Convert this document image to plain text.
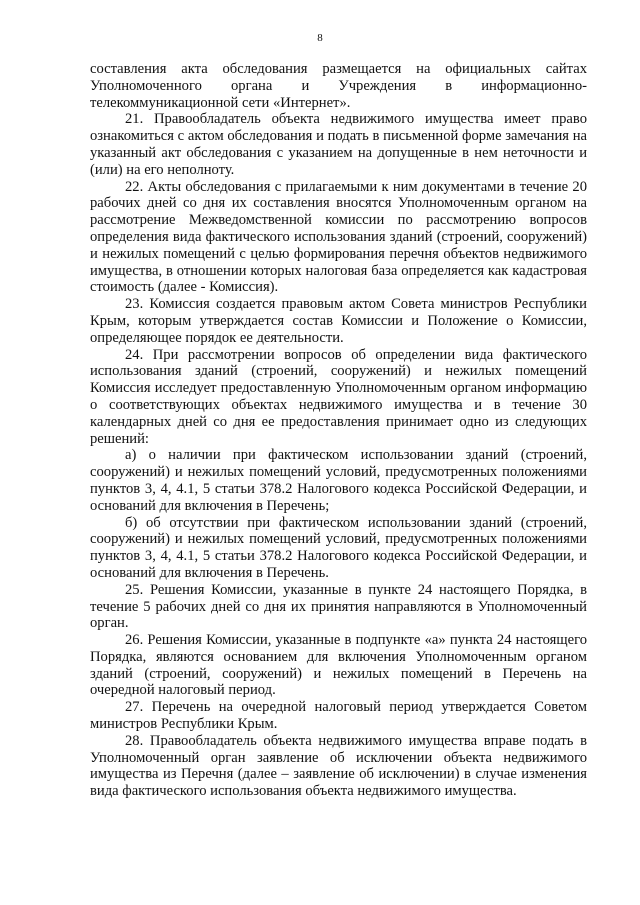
8

составления акта обследования размещается на официальных сайтах Уполномоченного органа и Учреждения в информационно-телекоммуникационной сети «Интернет».

21. Правообладатель объекта недвижимого имущества имеет право ознакомиться с актом обследования и подать в письменной форме замечания на указанный акт обследования с указанием на допущенные в нем неточности и (или) на его неполноту.

22. Акты обследования с прилагаемыми к ним документами в течение 20 рабочих дней со дня их составления вносятся Уполномоченным органом на рассмотрение Межведомственной комиссии по рассмотрению вопросов определения вида фактического использования зданий (строений, сооружений) и нежилых помещений с целью формирования перечня объектов недвижимого имущества, в отношении которых налоговая база определяется как кадастровая стоимость (далее - Комиссия).

23. Комиссия создается правовым актом Совета министров Республики Крым, которым утверждается состав Комиссии и Положение о Комиссии, определяющее порядок ее деятельности.

24. При рассмотрении вопросов об определении вида фактического использования зданий (строений, сооружений) и нежилых помещений Комиссия исследует предоставленную Уполномоченным органом информацию о соответствующих объектах недвижимого имущества и в течение 30 календарных дней со дня ее предоставления принимает одно из следующих решений:

а) о наличии при фактическом использовании зданий (строений, сооружений) и нежилых помещений условий, предусмотренных положениями пунктов 3, 4, 4.1, 5 статьи 378.2 Налогового кодекса Российской Федерации, и оснований для включения в Перечень;

б) об отсутствии при фактическом использовании зданий (строений, сооружений) и нежилых помещений условий, предусмотренных положениями пунктов 3, 4, 4.1, 5 статьи 378.2 Налогового кодекса Российской Федерации, и оснований для включения в Перечень.

25. Решения Комиссии, указанные в пункте 24 настоящего Порядка, в течение 5 рабочих дней со дня их принятия направляются в Уполномоченный орган.

26. Решения Комиссии, указанные в подпункте «а» пункта 24 настоящего Порядка, являются основанием для включения Уполномоченным органом зданий (строений, сооружений) и нежилых помещений в Перечень на очередной налоговый период.

27. Перечень на очередной налоговый период утверждается Советом министров Республики Крым.

28. Правообладатель объекта недвижимого имущества вправе подать в Уполномоченный орган заявление об исключении объекта недвижимого имущества из Перечня (далее – заявление об исключении) в случае изменения вида фактического использования объекта недвижимого имущества.
